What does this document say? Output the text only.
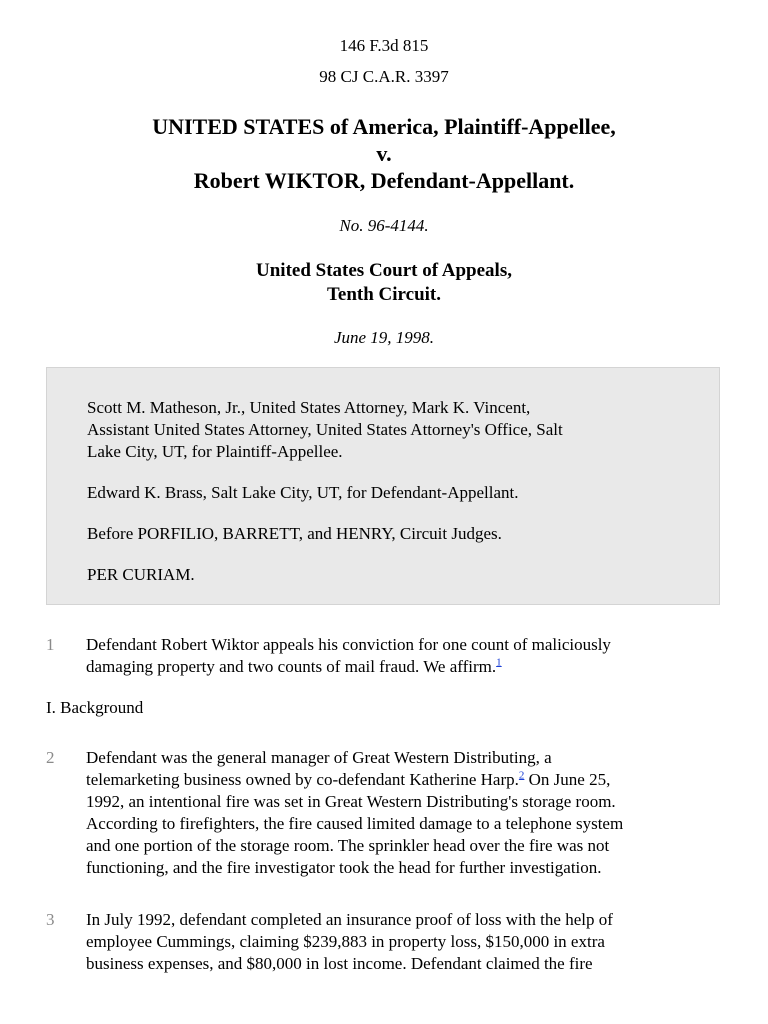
146 F.3d 815
98 CJ C.A.R. 3397
UNITED STATES of America, Plaintiff-Appellee,
v.
Robert WIKTOR, Defendant-Appellant.
No. 96-4144.
United States Court of Appeals,
Tenth Circuit.
June 19, 1998.

Scott M. Matheson, Jr., United States Attorney, Mark K. Vincent,
Assistant United States Attorney, United States Attorney's Office, Salt
Lake City, UT, for Plaintiff-Appellee.

Edward K. Brass, Salt Lake City, UT, for Defendant-Appellant.

Before PORFILIO, BARRETT, and HENRY, Circuit Judges.

PER CURIAM.

1	Defendant Robert Wiktor appeals his conviction for one count of maliciously
damaging property and two counts of mail fraud. We affirm.$^1$

I. Background
2	Defendant was the general manager of Great Western Distributing, a
telemarketing business owned by co-defendant Katherine Harp.$^2$ On June 25,
1992, an intentional fire was set in Great Western Distributing's storage room.
According to firefighters, the fire caused limited damage to a telephone system
and one portion of the storage room. The sprinkler head over the fire was not
functioning, and the fire investigator took the head for further investigation.

3	In July 1992, defendant completed an insurance proof of loss with the help of
employee Cummings, claiming $239,883 in property loss, $150,000 in extra
business expenses, and $80,000 in lost income. Defendant claimed the fire
